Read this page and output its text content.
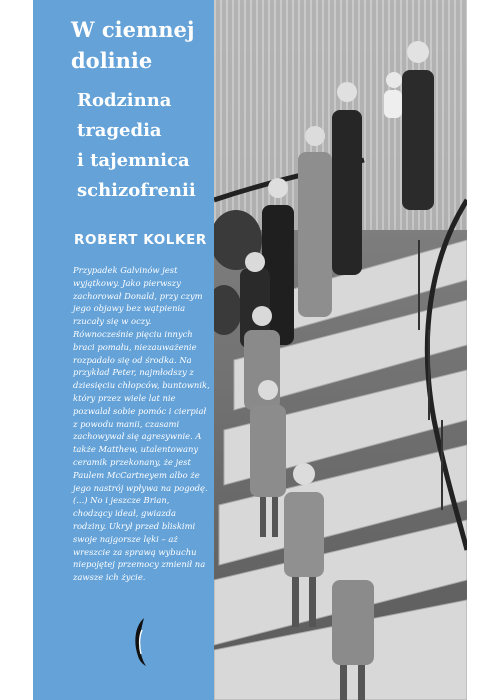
W ciemnej
dolinie
Rodzinna
tragedia
i tajemnica
schizofrenii
ROBERT KOLKER

Przypadek Galvinów jest wyjątkowy. Jako pierwszy zachorował Donald, przy czym jego objawy bez wątpienia rzucały się w oczy. Równocześnie pięciu innych braci pomału, niezauważenie rozpadało się od środka. Na przykład Peter, najmłodszy z dziesięciu chłopców, buntownik, który przez wiele lat nie pozwalał sobie pomóc i cierpiał z powodu manii, czasami zachowywał się agresywnie. A także Matthew, utalentowany ceramik przekonany, że jest Paulem McCartneyem albo że jego nastrój wpływa na pogodę. (...) No i jeszcze Brian, chodzący ideał, gwiazda rodziny. Ukrył przed bliskimi swoje najgorsze lęki – aż wreszcie za sprawą wybuchu niepojętej przemocy zmienił na zawsze ich życie.
